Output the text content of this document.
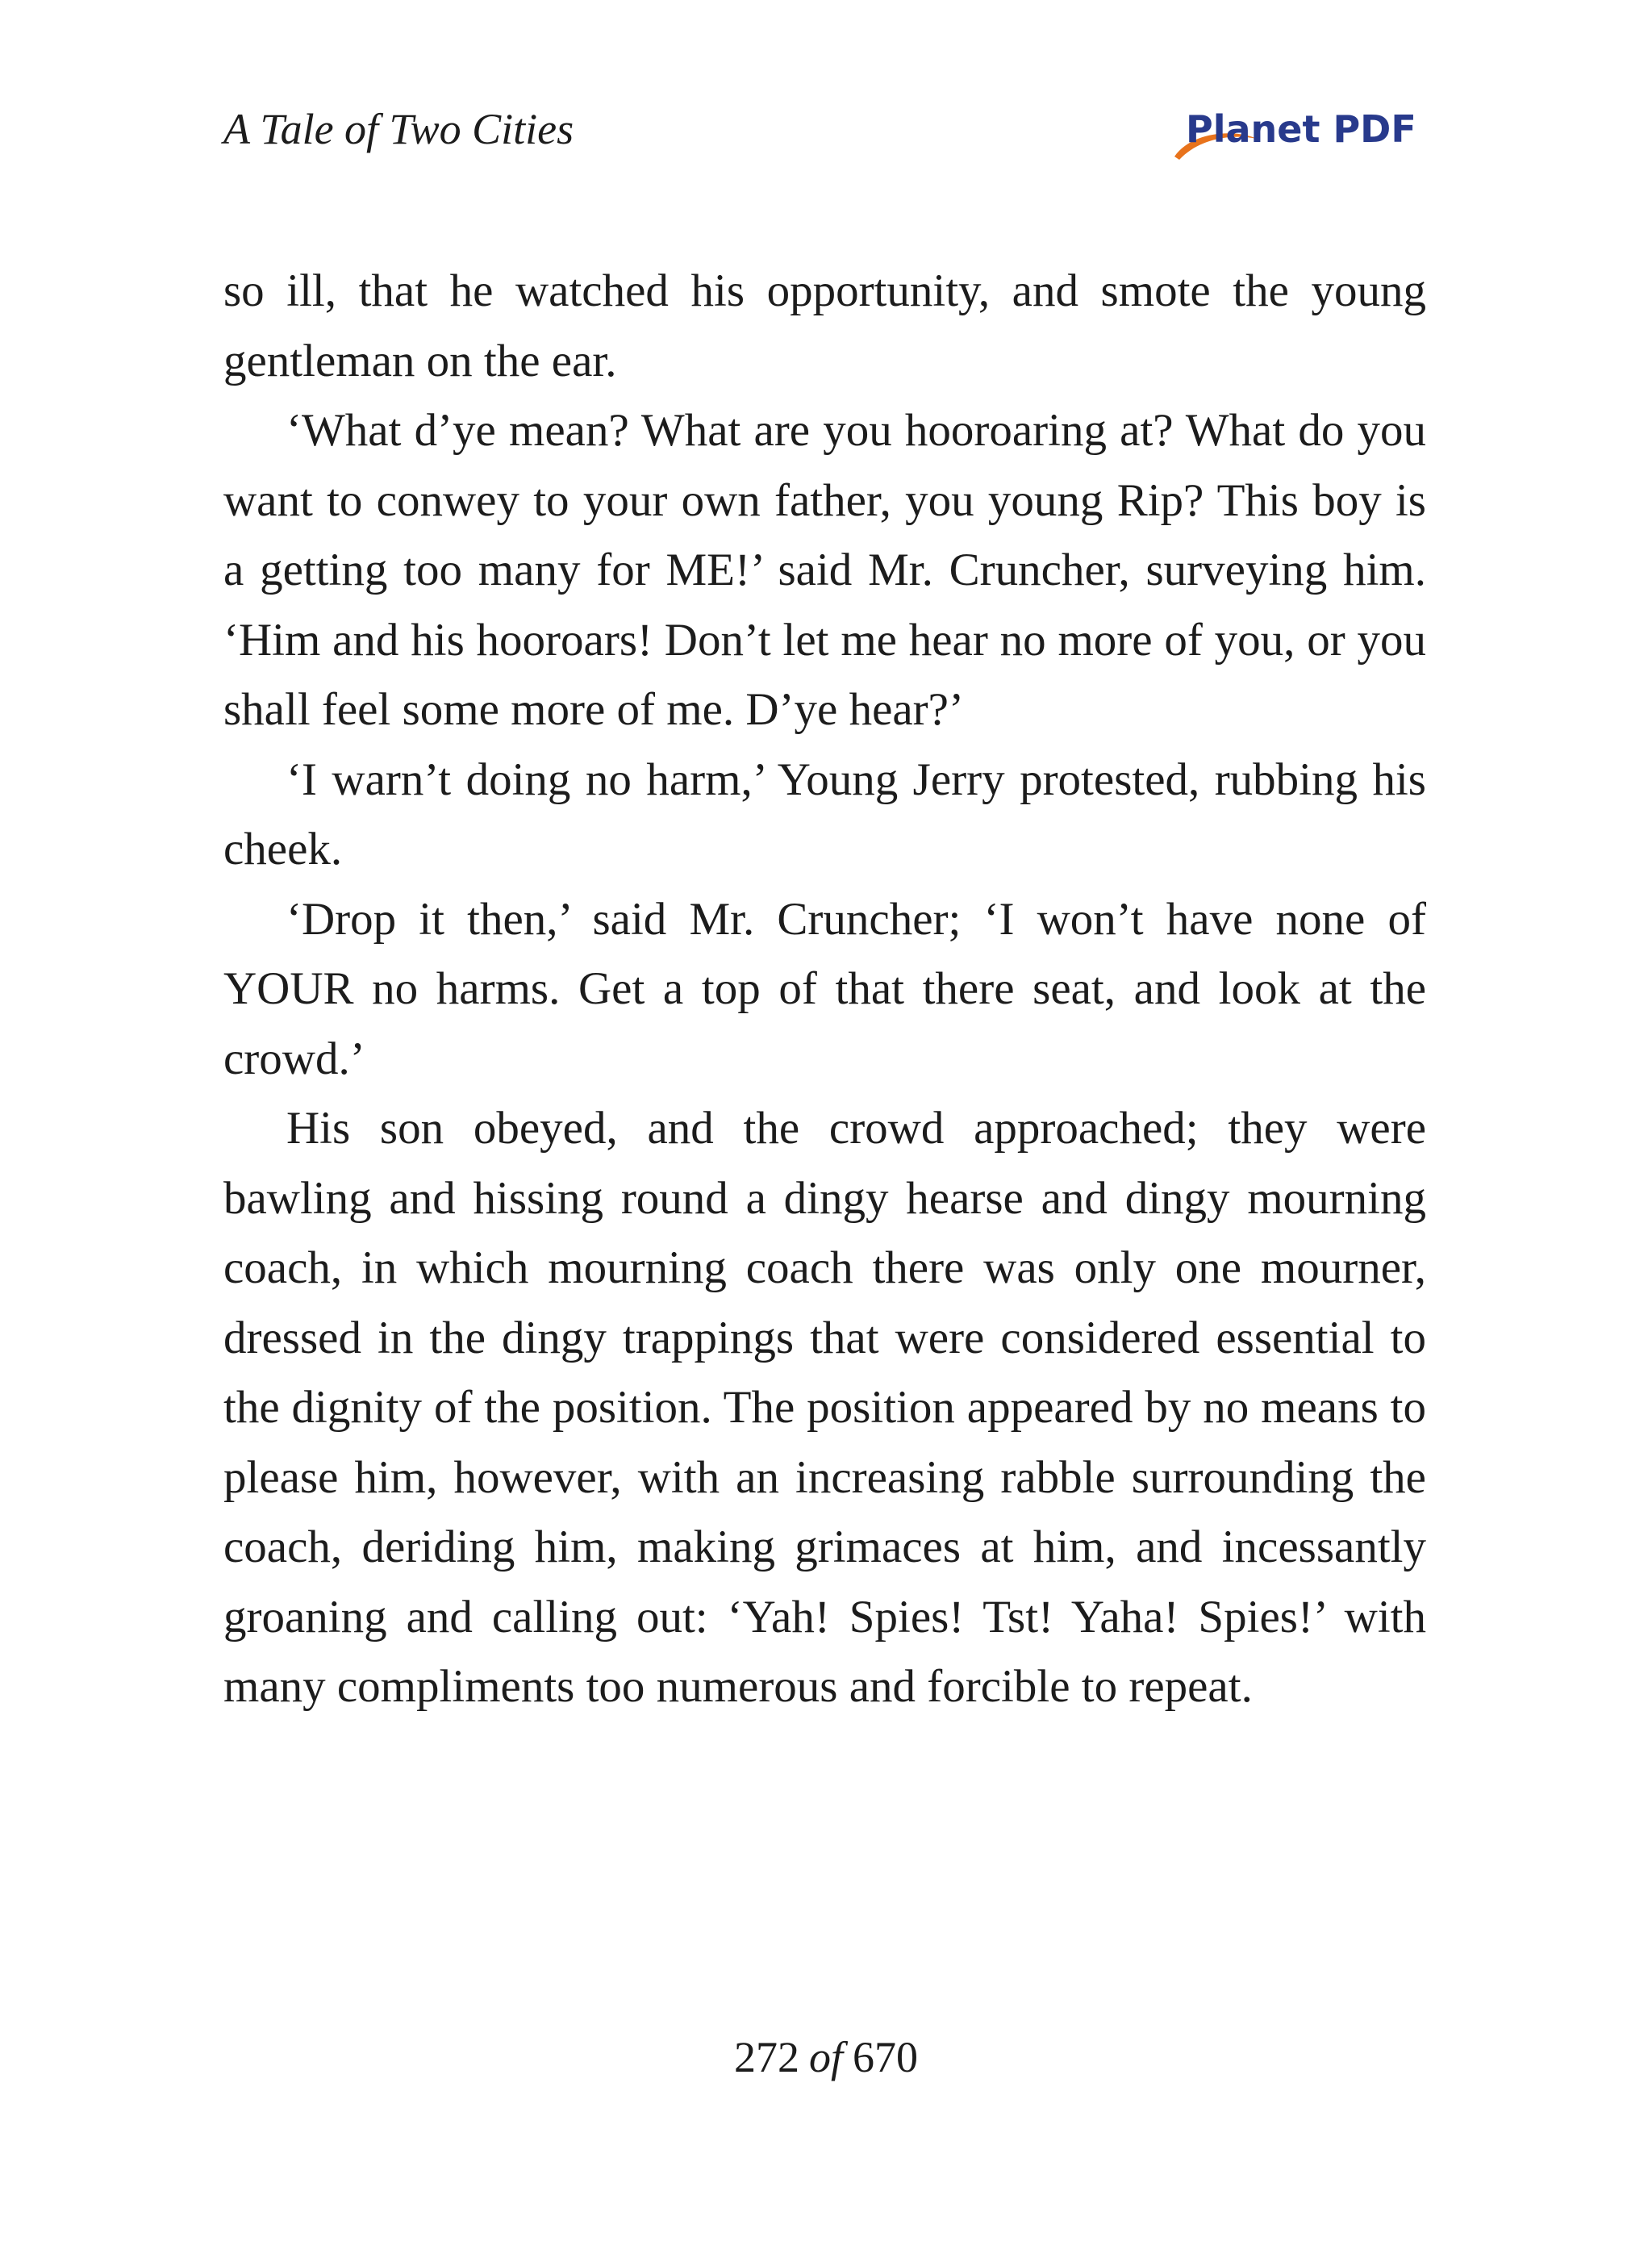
A Tale of Two Cities	Planet PDF

so ill, that he watched his opportunity, and smote the young gentleman on the ear.

‘What d’ye mean? What are you hooroaring at? What do you want to conwey to your own father, you young Rip? This boy is a getting too many for ME!’ said Mr. Cruncher, surveying him. ‘Him and his hooroars! Don’t let me hear no more of you, or you shall feel some more of me. D’ye hear?’

‘I warn’t doing no harm,’ Young Jerry protested, rubbing his cheek.

‘Drop it then,’ said Mr. Cruncher; ‘I won’t have none of YOUR no harms. Get a top of that there seat, and look at the crowd.’

His son obeyed, and the crowd approached; they were bawling and hissing round a dingy hearse and dingy mourning coach, in which mourning coach there was only one mourner, dressed in the dingy trappings that were considered essential to the dignity of the position. The position appeared by no means to please him, however, with an increasing rabble surrounding the coach, deriding him, making grimaces at him, and incessantly groaning and calling out: ‘Yah! Spies! Tst! Yaha! Spies!’ with many compliments too numerous and forcible to repeat.

272 of 670
